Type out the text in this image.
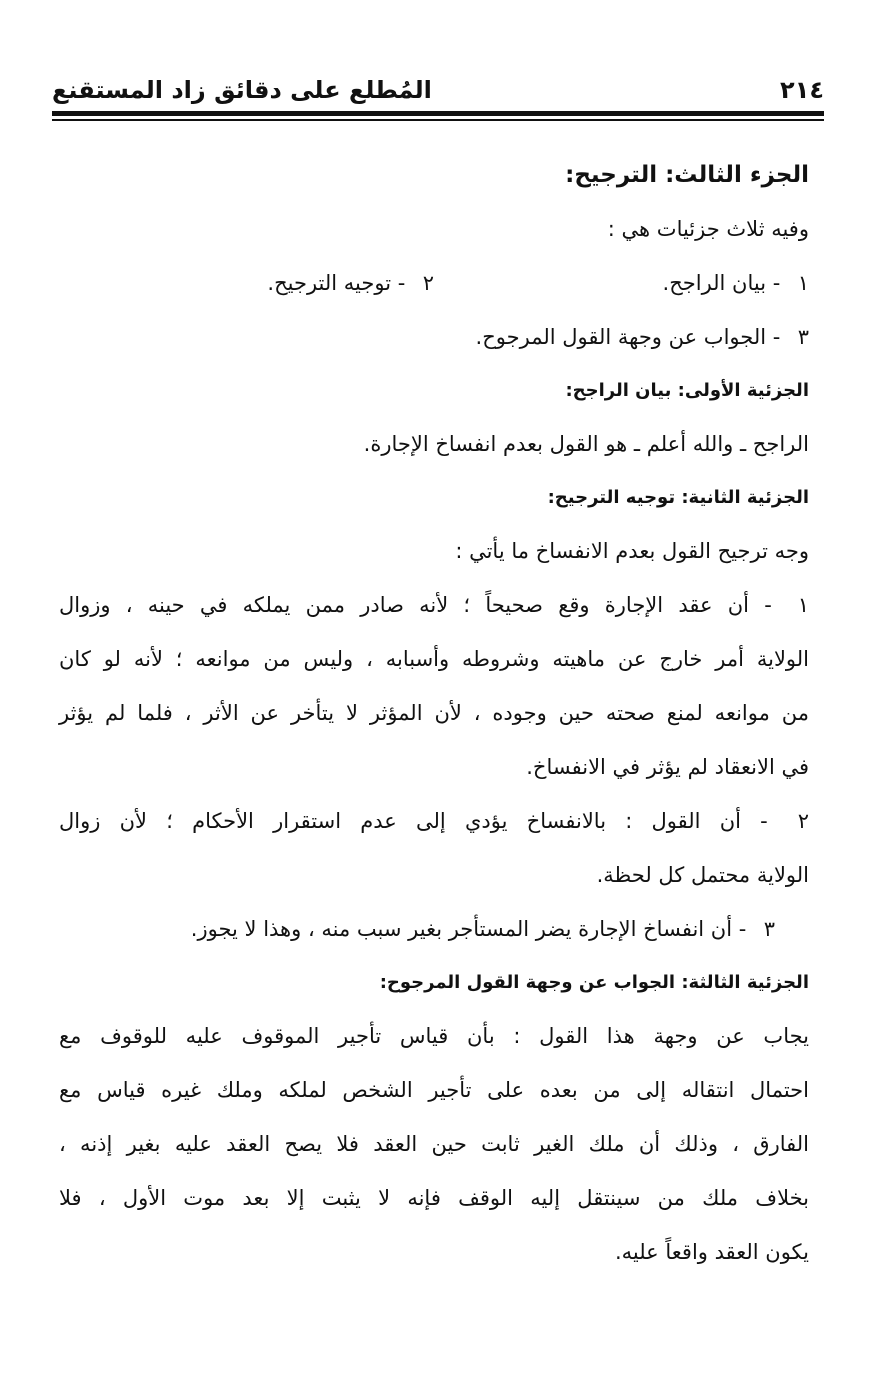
٢١٤
المُطلع على دقائق زاد المستقنع

الجزء الثالث: الترجيح:

وفيه ثلاث جزئيات هي :

١ - بيان الراجح.
٢ - توجيه الترجيح.

٣ - الجواب عن وجهة القول المرجوح.

الجزئية الأولى: بيان الراجح:

الراجح ـ والله أعلم ـ هو القول بعدم انفساخ الإجارة.

الجزئية الثانية: توجيه الترجيح:

وجه ترجيح القول بعدم الانفساخ ما يأتي :

١ - أن عقد الإجارة وقع صحيحاً ؛ لأنه صادر ممن يملكه في حينه ، وزوال

الولاية أمر خارج عن ماهيته وشروطه وأسبابه ، وليس من موانعه ؛ لأنه لو كان

من موانعه لمنع صحته حين وجوده ، لأن المؤثر لا يتأخر عن الأثر ، فلما لم يؤثر

في الانعقاد لم يؤثر في الانفساخ.

٢ - أن القول : بالانفساخ يؤدي إلى عدم استقرار الأحكام ؛ لأن زوال

الولاية محتمل كل لحظة.

٣ - أن انفساخ الإجارة يضر المستأجر بغير سبب منه ، وهذا لا يجوز.

الجزئية الثالثة: الجواب عن وجهة القول المرجوح:

يجاب عن وجهة هذا القول : بأن قياس تأجير الموقوف عليه للوقوف مع

احتمال انتقاله إلى من بعده على تأجير الشخص لملكه وملك غيره قياس مع

الفارق ، وذلك أن ملك الغير ثابت حين العقد فلا يصح العقد عليه بغير إذنه ،

بخلاف ملك من سينتقل إليه الوقف فإنه لا يثبت إلا بعد موت الأول ، فلا

يكون العقد واقعاً عليه.
